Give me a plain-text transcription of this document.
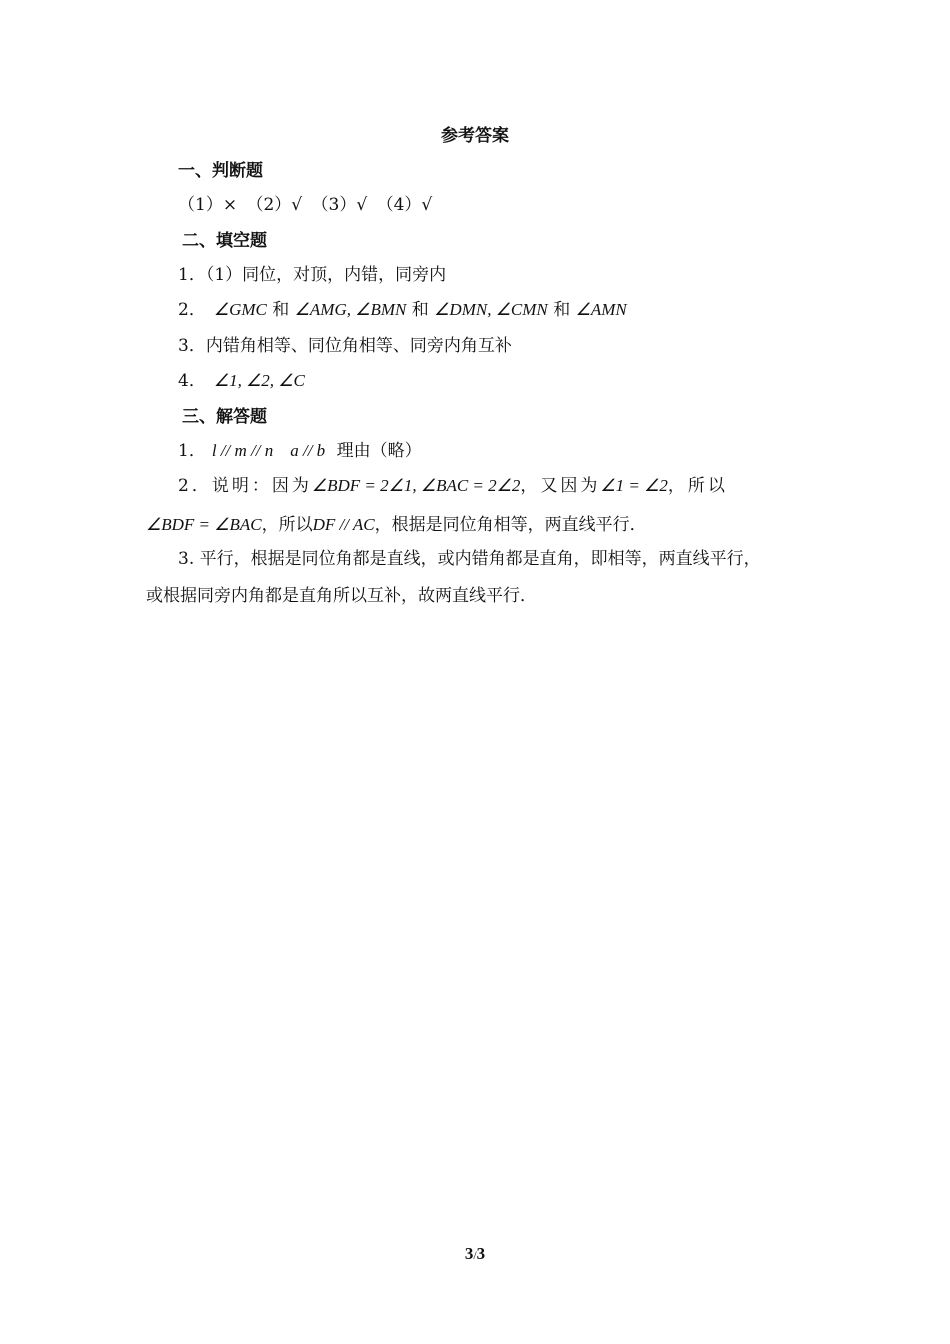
参考答案
一、判断题
（1）× （2）√ （3）√ （4）√
二、填空题
1．（1）同位，对顶，内错，同旁内
2． ∠GMC 和 ∠AMG, ∠BMN 和 ∠DMN, ∠CMN 和 ∠AMN
3．内错角相等、同位角相等、同旁内角互补
4． ∠1, ∠2, ∠C
三、解答题
1． l // m // n    a // b 理由（略）
2．说明：因为∠BDF = 2∠1, ∠BAC = 2∠2，又因为∠1 = ∠2，所以
∠BDF = ∠BAC，所以DF // AC，根据是同位角相等，两直线平行．
3. 平行，根据是同位角都是直线，或内错角都是直角，即相等，两直线平行，
或根据同旁内角都是直角所以互补，故两直线平行．
3/3
